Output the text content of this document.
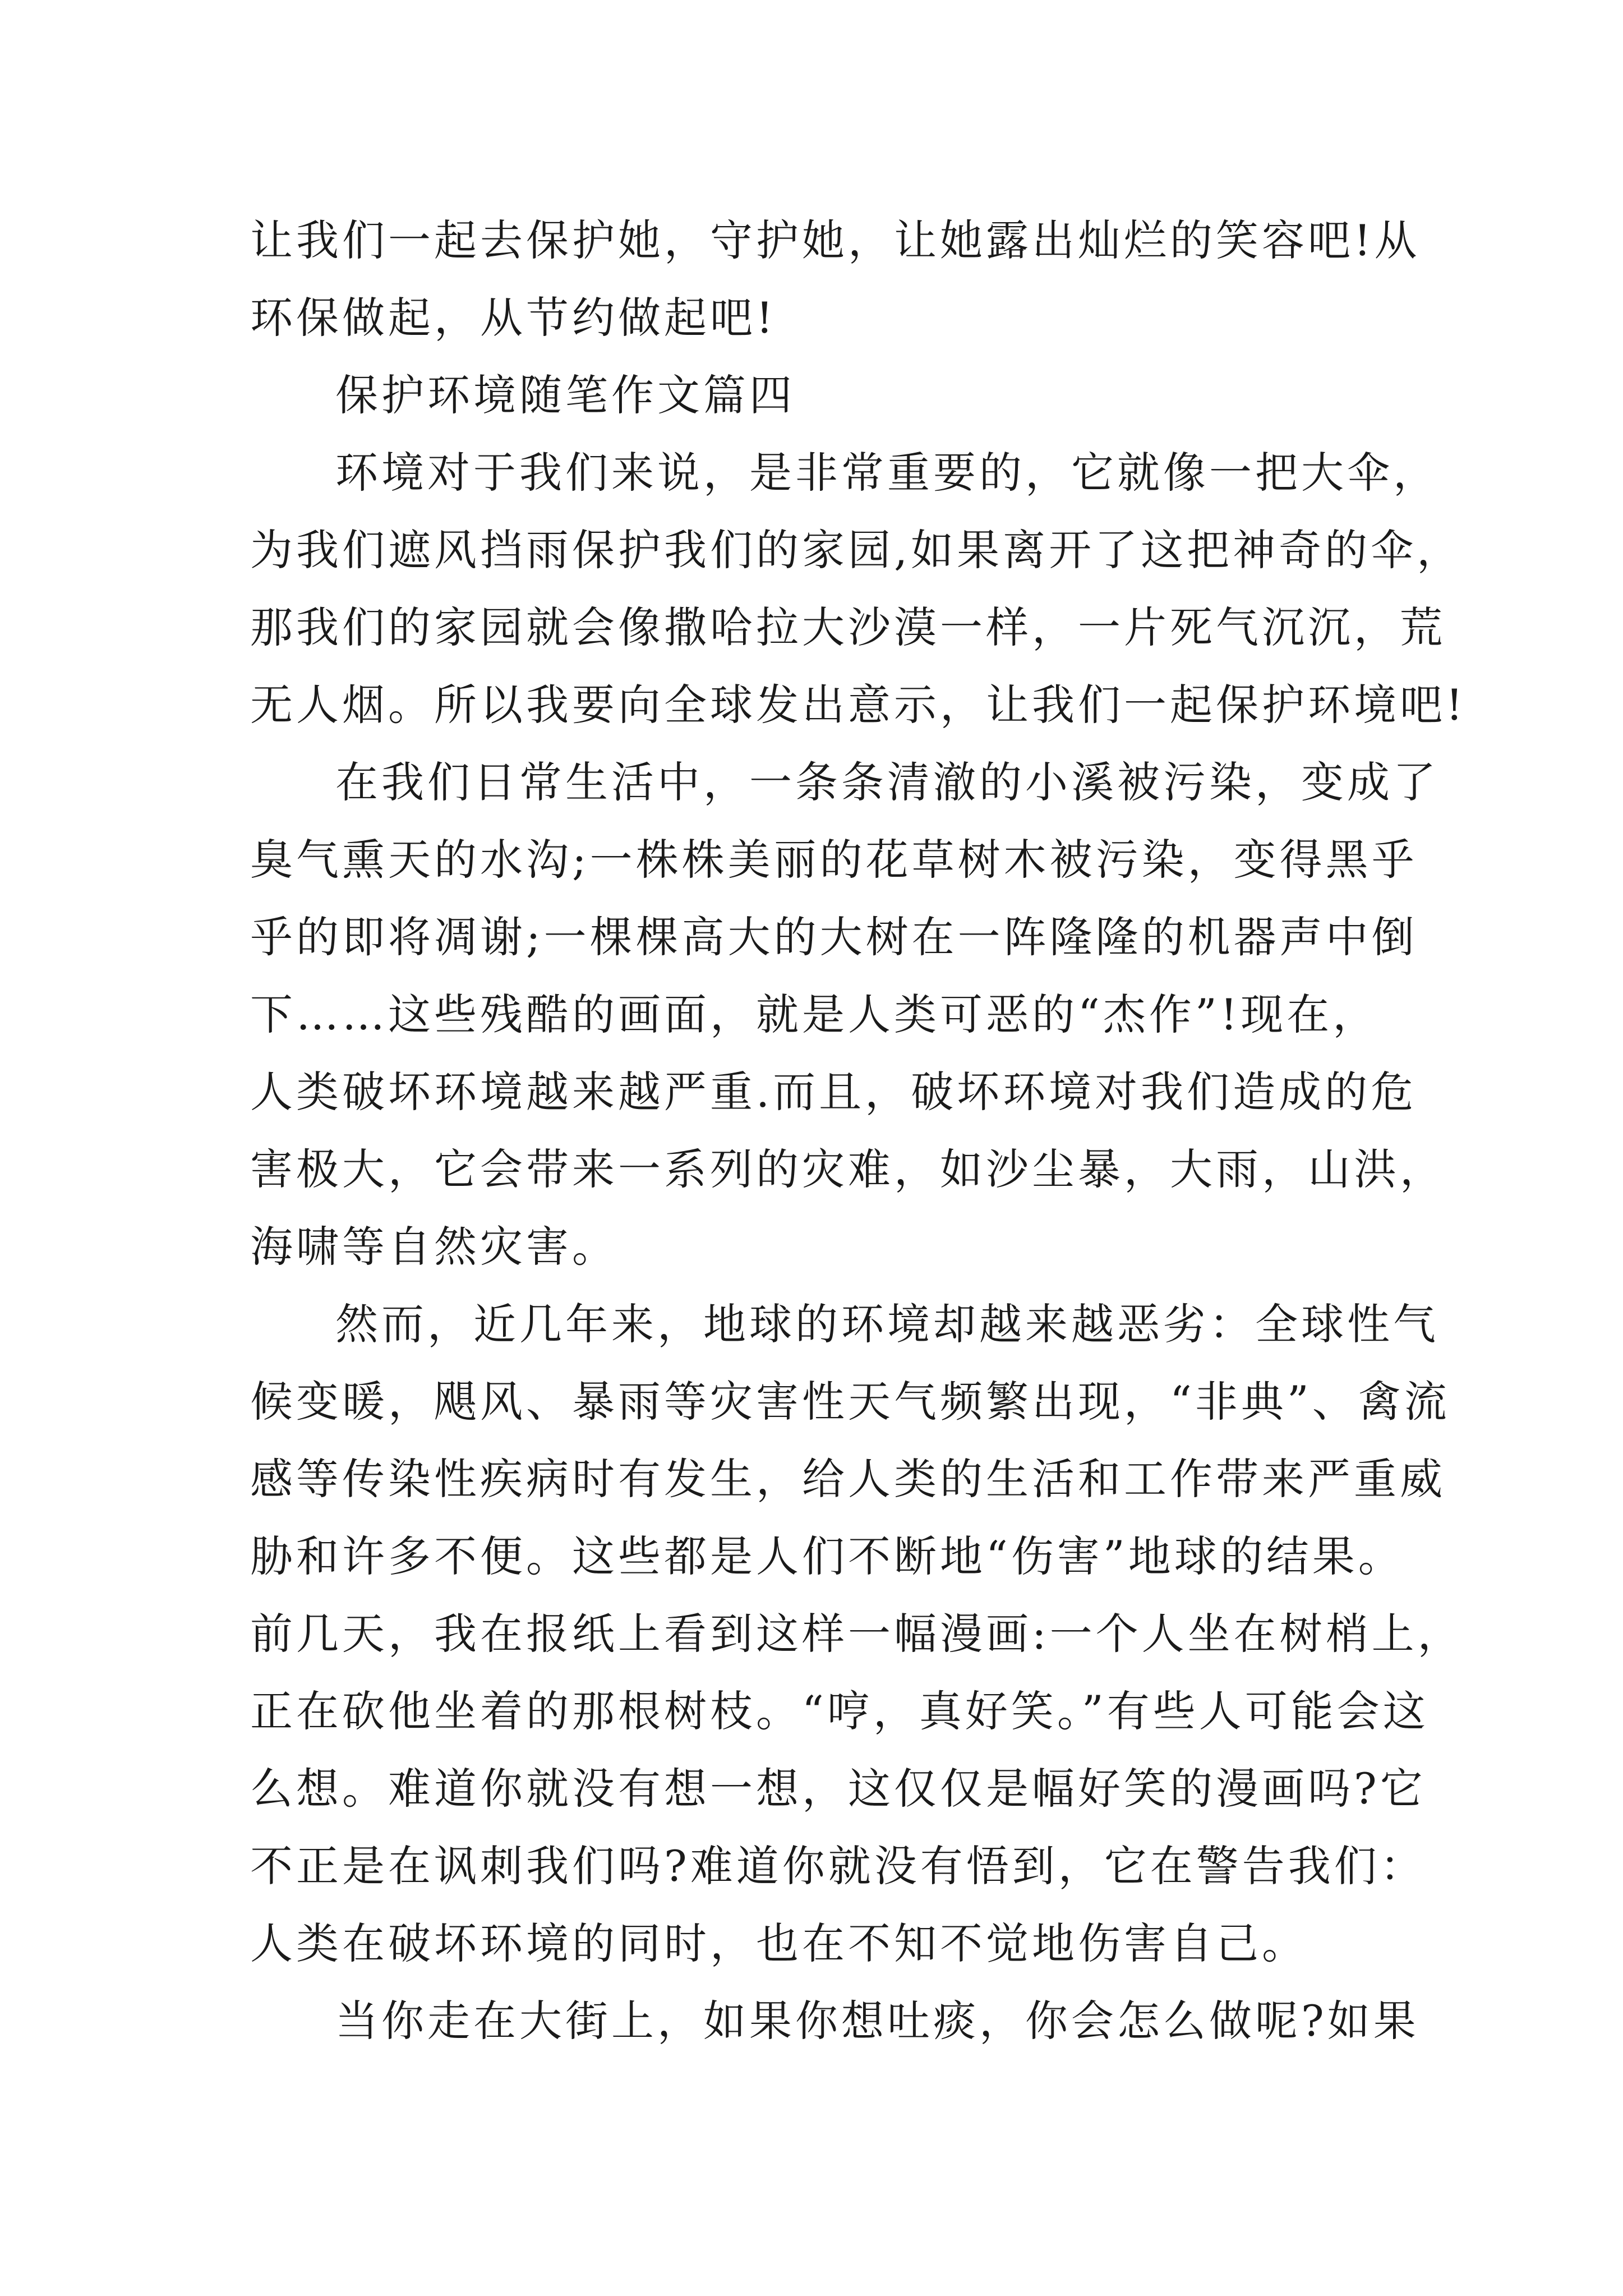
让我们一起去保护她，守护她，让她露出灿烂的笑容吧!从
环保做起，从节约做起吧!
保护环境随笔作文篇四
环境对于我们来说，是非常重要的，它就像一把大伞，
为我们遮风挡雨保护我们的家园,如果离开了这把神奇的伞，
那我们的家园就会像撒哈拉大沙漠一样，一片死气沉沉，荒
无人烟。所以我要向全球发出意示，让我们一起保护环境吧!
在我们日常生活中，一条条清澈的小溪被污染，变成了
臭气熏天的水沟;一株株美丽的花草树木被污染，变得黑乎
乎的即将凋谢;一棵棵高大的大树在一阵隆隆的机器声中倒
下……这些残酷的画面，就是人类可恶的“杰作”!现在，
人类破坏环境越来越严重.而且，破坏环境对我们造成的危
害极大，它会带来一系列的灾难，如沙尘暴，大雨，山洪，
海啸等自然灾害。
然而，近几年来，地球的环境却越来越恶劣：全球性气
候变暖，飓风、暴雨等灾害性天气频繁出现，“非典”、禽流
感等传染性疾病时有发生，给人类的生活和工作带来严重威
胁和许多不便。这些都是人们不断地“伤害”地球的结果。
前几天，我在报纸上看到这样一幅漫画:一个人坐在树梢上，
正在砍他坐着的那根树枝。“哼，真好笑。”有些人可能会这
么想。难道你就没有想一想，这仅仅是幅好笑的漫画吗?它
不正是在讽刺我们吗?难道你就没有悟到，它在警告我们：
人类在破坏环境的同时，也在不知不觉地伤害自己。
当你走在大街上，如果你想吐痰，你会怎么做呢?如果
